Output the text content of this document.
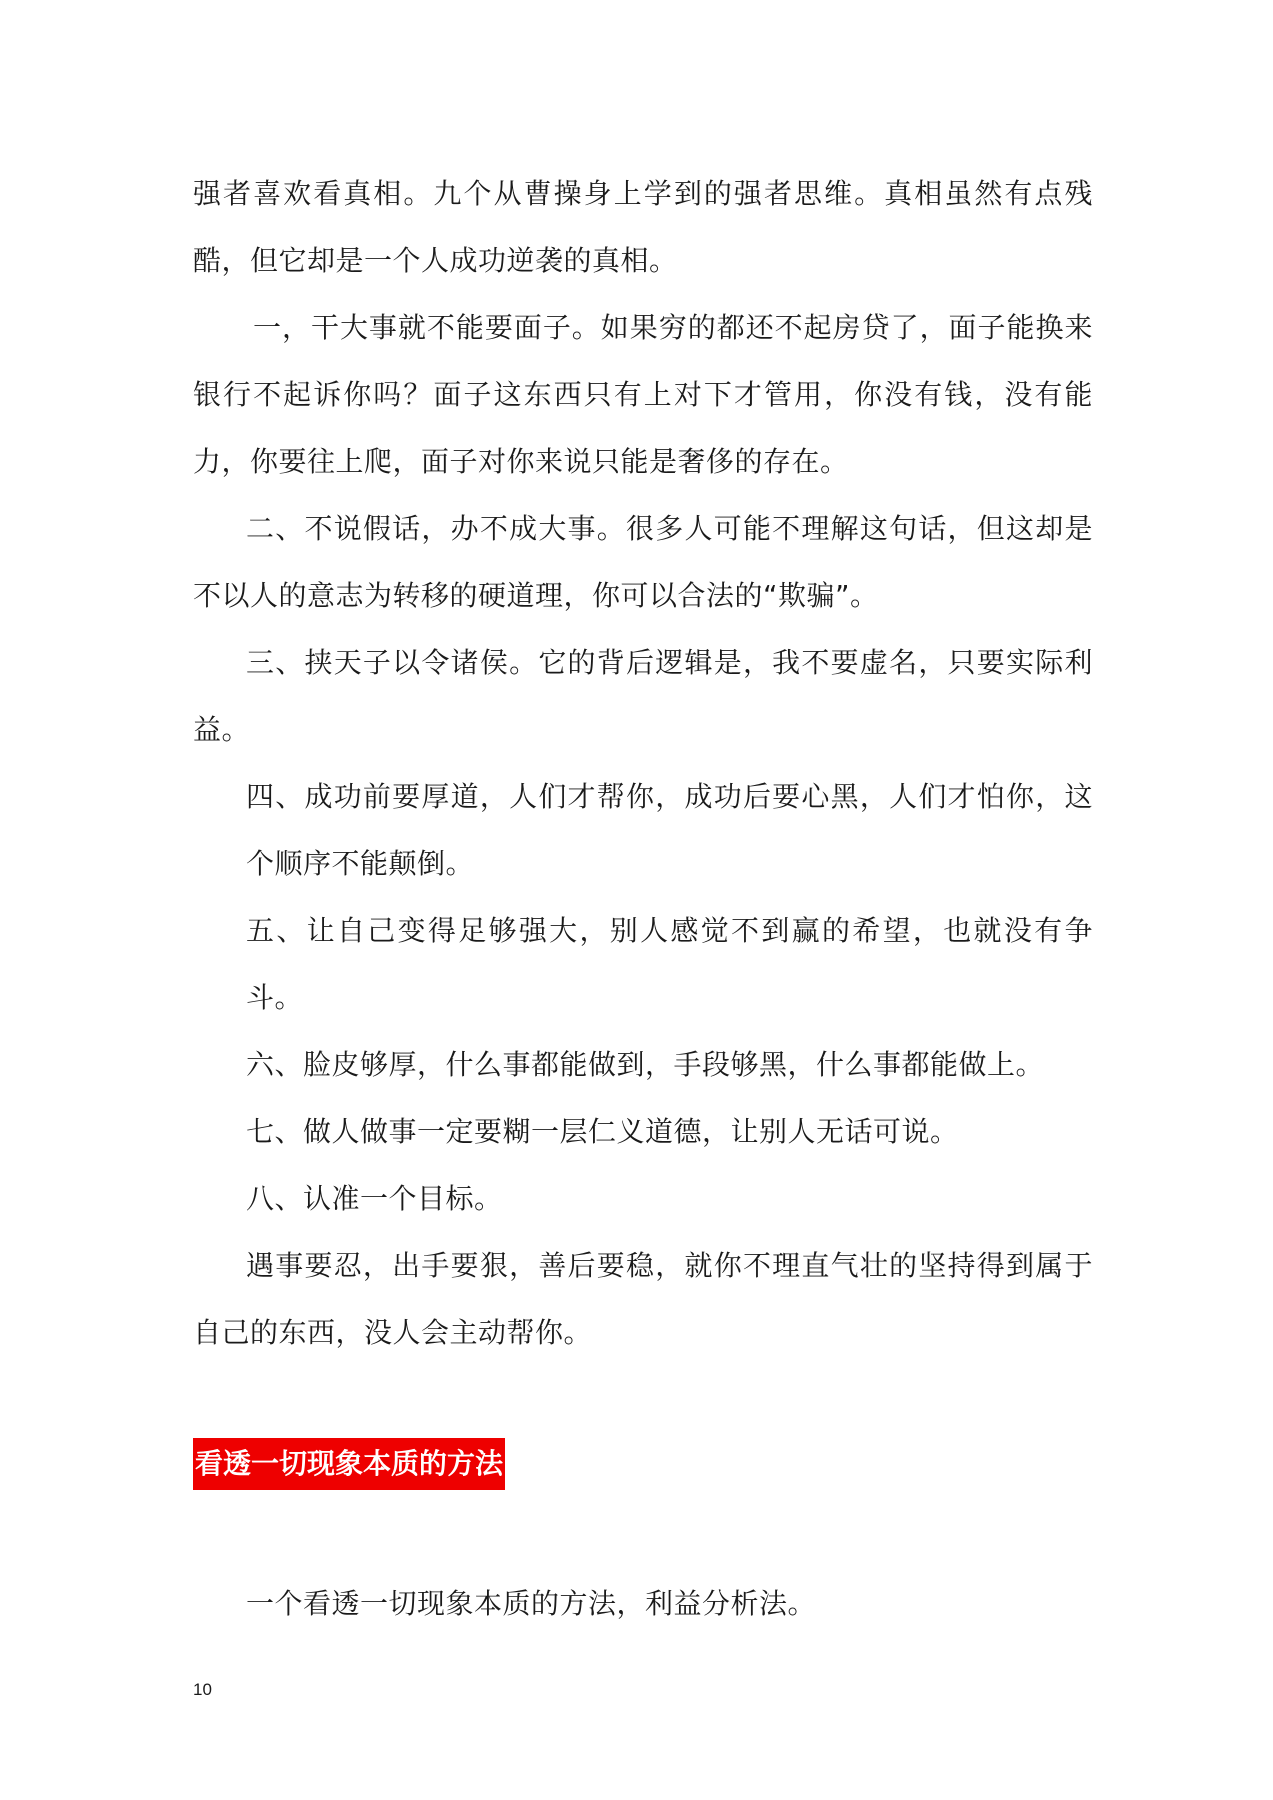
强者喜欢看真相。九个从曹操身上学到的强者思维。真相虽然有点残酷，但它却是一个人成功逆袭的真相。

一，干大事就不能要面子。如果穷的都还不起房贷了，面子能换来银行不起诉你吗？面子这东西只有上对下才管用，你没有钱，没有能力，你要往上爬，面子对你来说只能是奢侈的存在。

二、不说假话，办不成大事。很多人可能不理解这句话，但这却是不以人的意志为转移的硬道理，你可以合法的“欺骗”。

三、挟天子以令诸侯。它的背后逻辑是，我不要虚名，只要实际利益。

四、成功前要厚道，人们才帮你，成功后要心黑，人们才怕你，这个顺序不能颠倒。

五、让自己变得足够强大，别人感觉不到赢的希望，也就没有争斗。

六、脸皮够厚，什么事都能做到，手段够黑，什么事都能做上。

七、做人做事一定要糊一层仁义道德，让别人无话可说。

八、认准一个目标。

遇事要忍，出手要狠，善后要稳，就你不理直气壮的坚持得到属于自己的东西，没人会主动帮你。

看透一切现象本质的方法

一个看透一切现象本质的方法，利益分析法。

10
